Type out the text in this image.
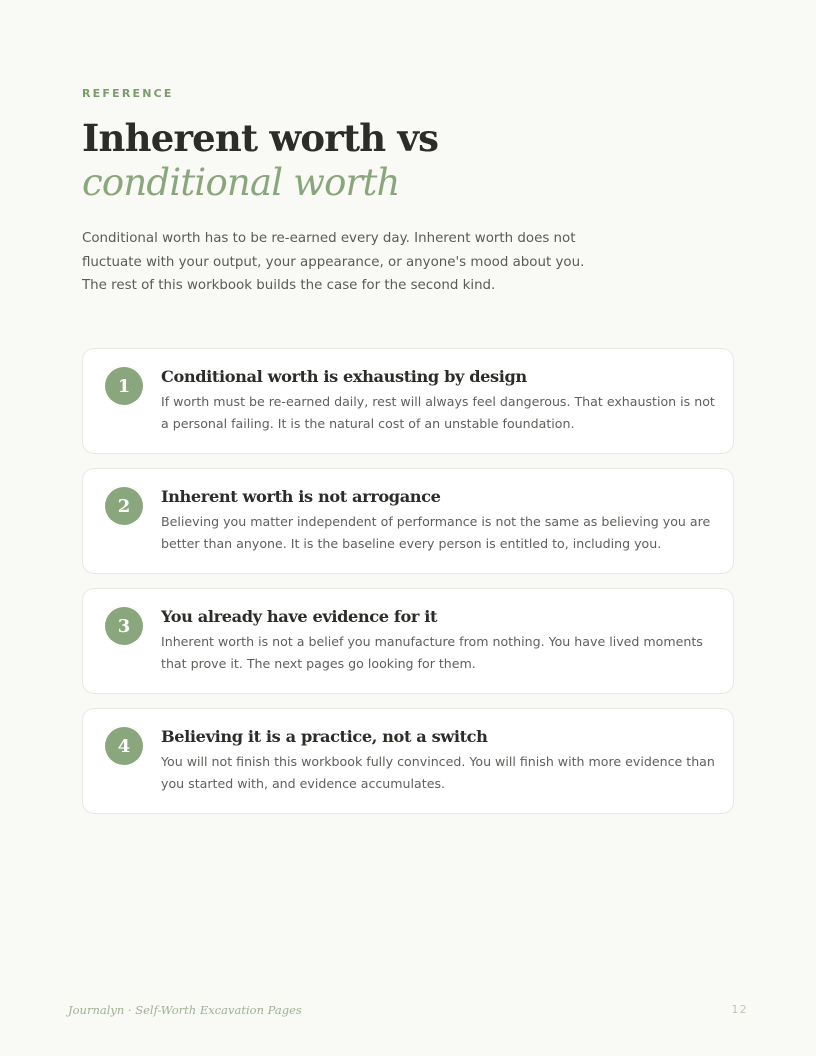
REFERENCE
Inherent worth vs conditional worth

Conditional worth has to be re-earned every day. Inherent worth does not fluctuate with your output, your appearance, or anyone's mood about you. The rest of this workbook builds the case for the second kind.

1	Conditional worth is exhausting by design

If worth must be re-earned daily, rest will always feel dangerous. That exhaustion is not a personal failing. It is the natural cost of an unstable foundation.

2	Inherent worth is not arrogance

Believing you matter independent of performance is not the same as believing you are better than anyone. It is the baseline every person is entitled to, including you.

3	You already have evidence for it

Inherent worth is not a belief you manufacture from nothing. You have lived moments that prove it. The next pages go looking for them.

4	Believing it is a practice, not a switch

You will not finish this workbook fully convinced. You will finish with more evidence than you started with, and evidence accumulates.

Journalyn · Self-Worth Excavation Pages	12
